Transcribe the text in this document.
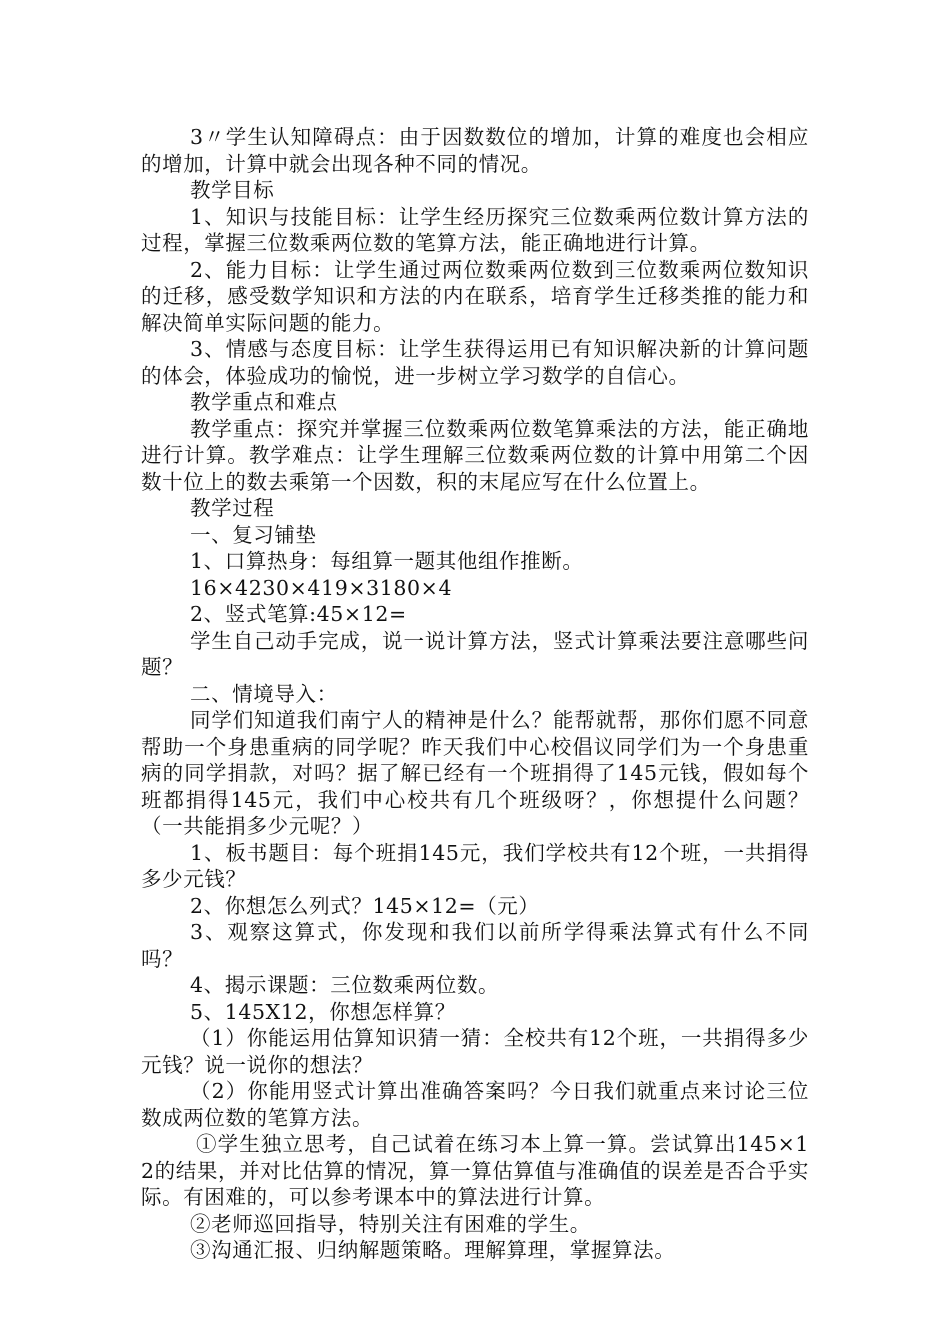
3〃学生认知障碍点：由于因数数位的增加，计算的难度也会相应的增加，计算中就会出现各种不同的情况。

教学目标

1、知识与技能目标：让学生经历探究三位数乘两位数计算方法的过程，掌握三位数乘两位数的笔算方法，能正确地进行计算。

2、能力目标：让学生通过两位数乘两位数到三位数乘两位数知识的迁移，感受数学知识和方法的内在联系，培育学生迁移类推的能力和解决简单实际问题的能力。

3、情感与态度目标：让学生获得运用已有知识解决新的计算问题的体会，体验成功的愉悦，进一步树立学习数学的自信心。

教学重点和难点

教学重点：探究并掌握三位数乘两位数笔算乘法的方法，能正确地进行计算。教学难点：让学生理解三位数乘两位数的计算中用第二个因数十位上的数去乘第一个因数，积的末尾应写在什么位置上。

教学过程

一、复习铺垫

1、口算热身：每组算一题其他组作推断。

16×4230×419×3180×4

2、竖式笔算:45×12=

学生自己动手完成，说一说计算方法，竖式计算乘法要注意哪些问题？

二、情境导入：

同学们知道我们南宁人的精神是什么？能帮就帮，那你们愿不同意帮助一个身患重病的同学呢？昨天我们中心校倡议同学们为一个身患重病的同学捐款，对吗？据了解已经有一个班捐得了145元钱，假如每个班都捐得145元，我们中心校共有几个班级呀？，你想提什么问题？（一共能捐多少元呢？）

1、板书题目：每个班捐145元，我们学校共有12个班，一共捐得多少元钱？

2、你想怎么列式？145×12=（元）

3、观察这算式，你发现和我们以前所学得乘法算式有什么不同吗？

4、揭示课题：三位数乘两位数。

5、145X12，你想怎样算？

（1）你能运用估算知识猜一猜：全校共有12个班，一共捐得多少元钱？说一说你的想法？

（2）你能用竖式计算出准确答案吗？今日我们就重点来讨论三位数成两位数的笔算方法。

①学生独立思考，自己试着在练习本上算一算。尝试算出145×12的结果，并对比估算的情况，算一算估算值与准确值的误差是否合乎实际。有困难的，可以参考课本中的算法进行计算。

②老师巡回指导，特别关注有困难的学生。

③沟通汇报、归纳解题策略。理解算理，掌握算法。
